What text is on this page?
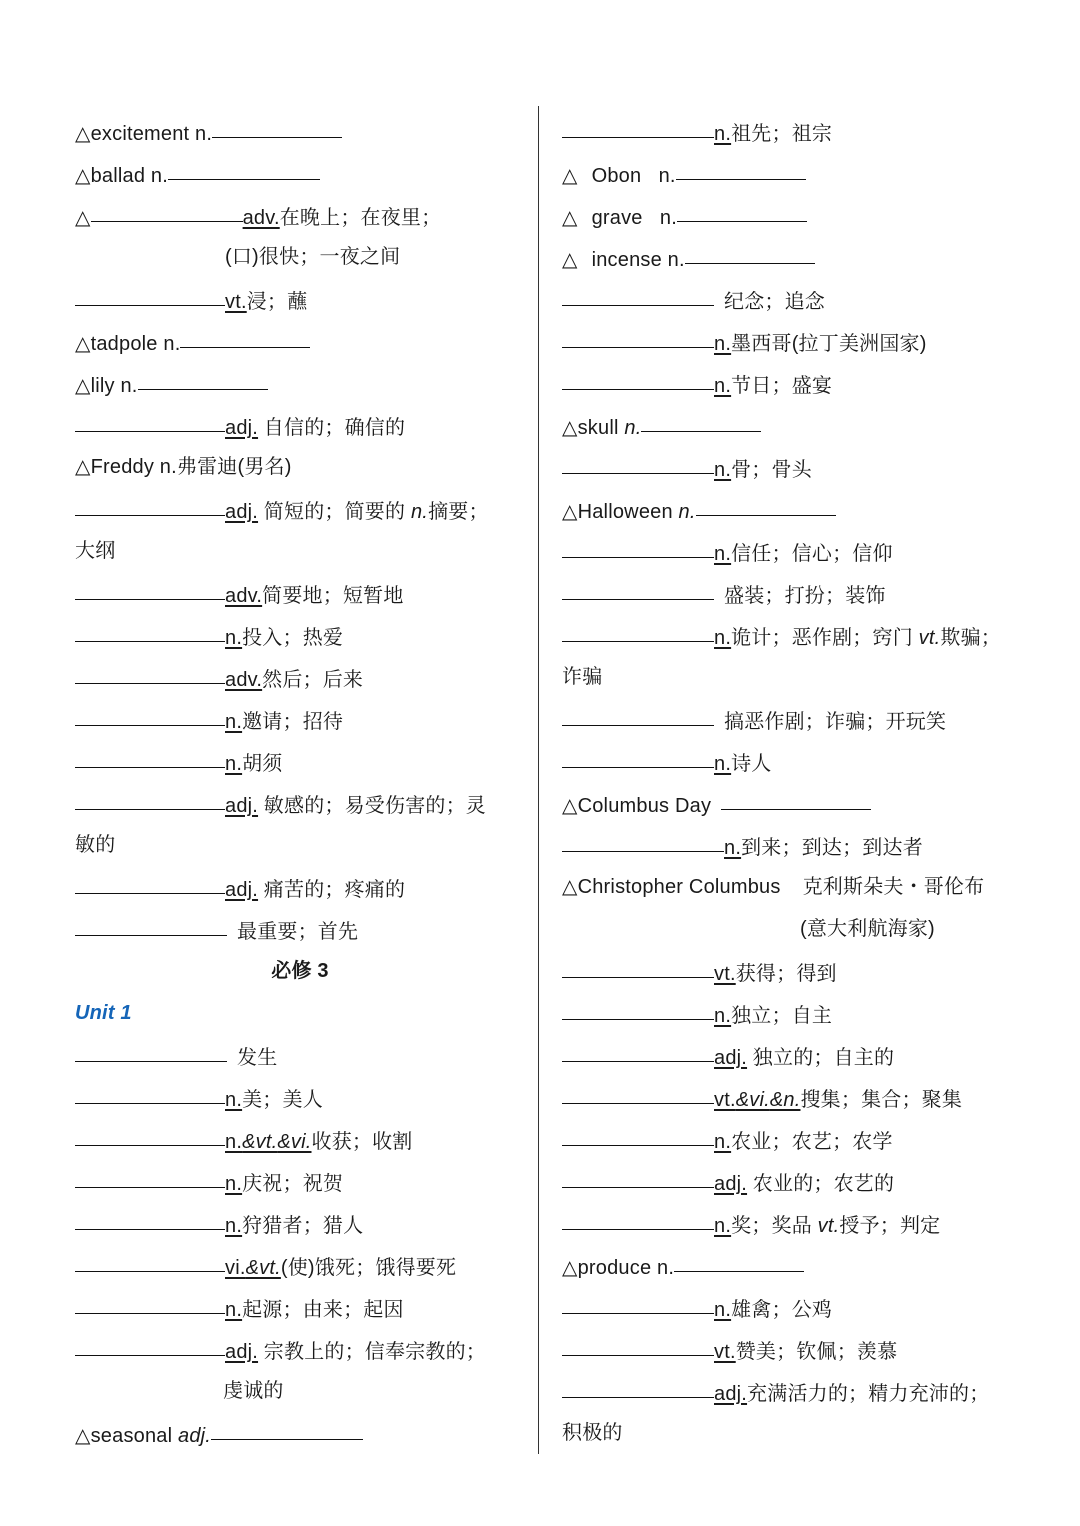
△excitement n.
△ballad n.
△	adv.在晚上；在夜里；
(口)很快；一夜之间
vt.浸；蘸
△tadpole n.
△lily n.
adj. 自信的；确信的
△Freddy n.弗雷迪(男名)
adj. 简短的；简要的 n.摘要；
大纲
adv.简要地；短暂地
n.投入；热爱
adv.然后；后来
n.邀请；招待
n.胡须
adj. 敏感的；易受伤害的；灵
敏的
adj. 痛苦的；疼痛的
最重要；首先
必修 3
Unit 1
发生
n.美；美人
n.&vt.&vi.收获；收割
n.庆祝；祝贺
n.狩猎者；猎人
vi.&vt.(使)饿死；饿得要死
n.起源；由来；起因
adj. 宗教上的；信奉宗教的；
虔诚的
△seasonal adj.
n.祖先；祖宗
△ Obon   n.
△ grave   n.
△ incense n.
纪念；追念
n.墨西哥(拉丁美洲国家)
n.节日；盛宴
△skull n.
n.骨；骨头
△Halloween n.
n.信任；信心；信仰
盛装；打扮；装饰
n.诡计；恶作剧；窍门 vt.欺骗；
诈骗
搞恶作剧；诈骗；开玩笑
n.诗人
△Columbus Day
n.到来；到达；到达者
△Christopher Columbus 克利斯朵夫・哥伦布
(意大利航海家)
vt.获得；得到
n.独立；自主
adj. 独立的；自主的
vt.&vi.&n.搜集；集合；聚集
n.农业；农艺；农学
adj. 农业的；农艺的
n.奖；奖品 vt.授予；判定
△produce n.
n.雄禽；公鸡
vt.赞美；钦佩；羡慕
adj.充满活力的；精力充沛的；
积极的
